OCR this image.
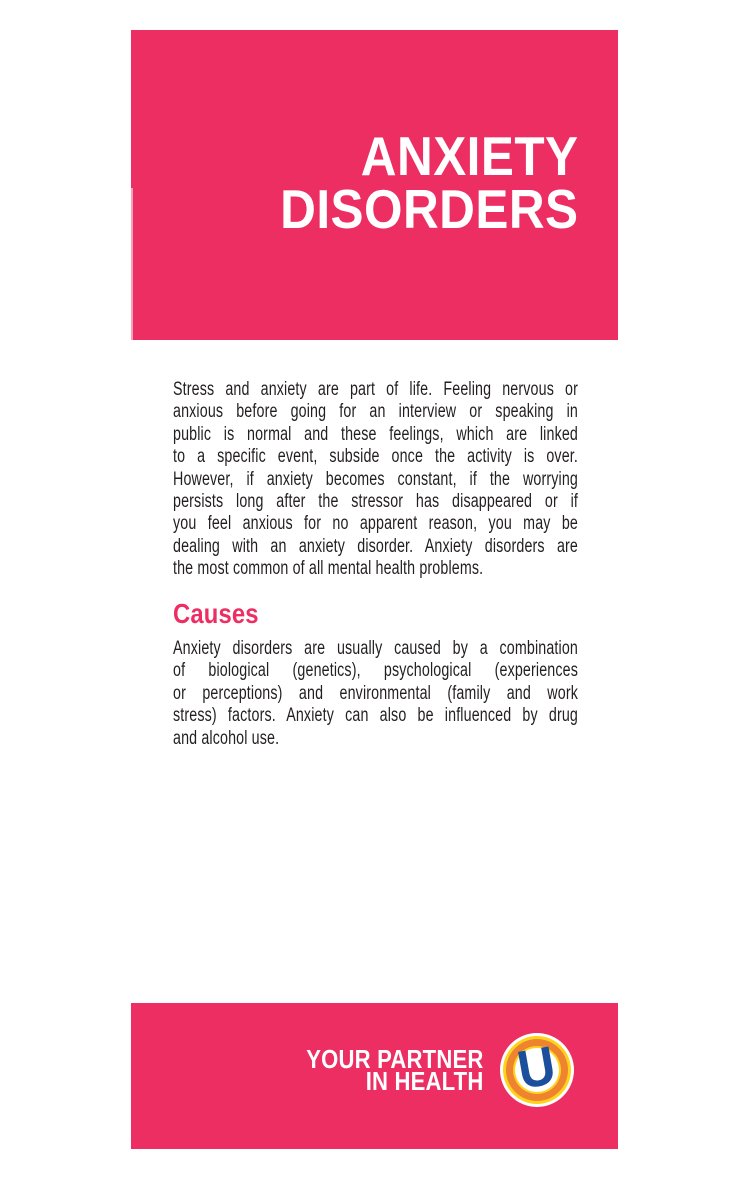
ANXIETY
DISORDERS
Stress and anxiety are part of life. Feeling nervous or
anxious before going for an interview or speaking in
public is normal and these feelings, which are linked
to a specific event, subside once the activity is over.
However, if anxiety becomes constant, if the worrying
persists long after the stressor has disappeared or if
you feel anxious for no apparent reason, you may be
dealing with an anxiety disorder. Anxiety disorders are
the most common of all mental health problems.
Causes
Anxiety disorders are usually caused by a combination
of biological (genetics), psychological (experiences
or perceptions) and environmental (family and work
stress) factors. Anxiety can also be influenced by drug
and alcohol use.
YOUR PARTNER
IN HEALTH U
